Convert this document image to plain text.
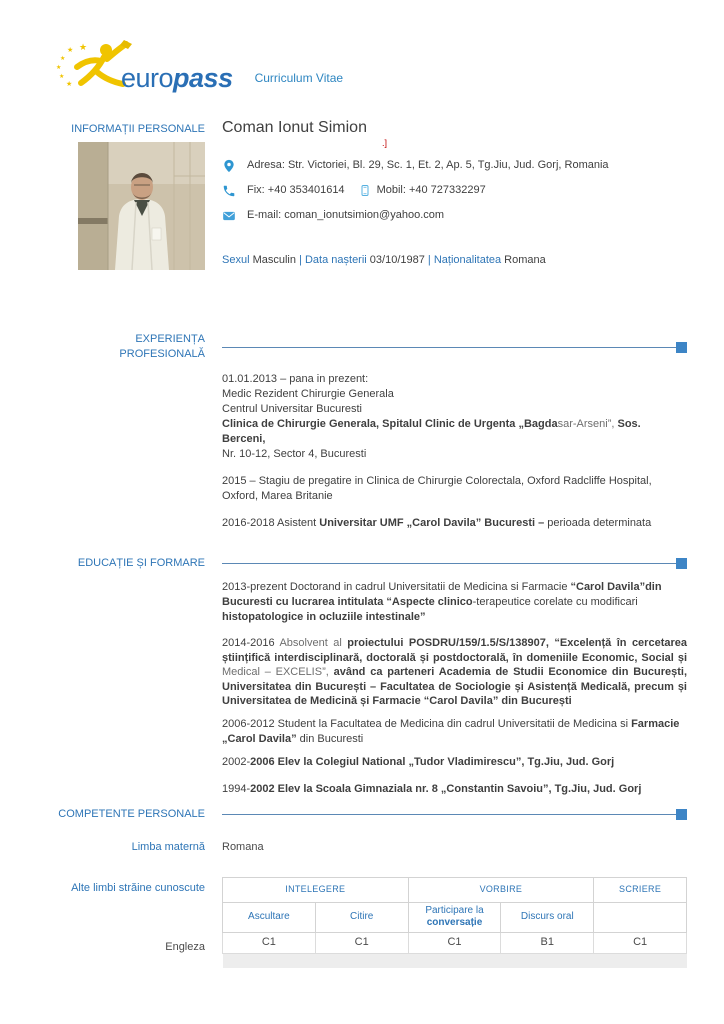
★
★
★
★
★
★ europass Curriculum Vitae
INFORMAȚII PERSONALE Coman Ionut Simion
.]
Adresa: Str. Victoriei, Bl. 29, Sc. 1, Et. 2, Ap. 5, Tg.Jiu, Jud. Gorj, Romania
Fix: +40 353401614	Mobil: +40 727332297
E-mail: coman_ionutsimion@yahoo.com
Sexul Masculin | Data nașterii 03/10/1987 | Naționalitatea Romana
EXPERIENȚA PROFESIONALĂ
01.01.2013 – pana in prezent:
Medic Rezident Chirurgie Generala
Centrul Universitar Bucuresti
Clinica de Chirurgie Generala, Spitalul Clinic de Urgenta „Bagdasar-Arseni”, Sos. Berceni,
Nr. 10-12, Sector 4, Bucuresti
2015 – Stagiu de pregatire in Clinica de Chirurgie Colorectala, Oxford Radcliffe Hospital,
Oxford, Marea Britanie
2016-2018 Asistent Universitar UMF „Carol Davila” Bucuresti – perioada determinata
EDUCAȚIE ȘI FORMARE
2013-prezent Doctorand in cadrul Universitatii de Medicina si Farmacie “Carol Davila”din Bucuresti cu lucrarea intitulata “Aspecte clinico-terapeutice corelate cu modificari histopatologice in ocluziile intestinale”
2014-2016 Absolvent al proiectului POSDRU/159/1.5/S/138907, “Excelență în cercetarea științifică interdisciplinară, doctorală și postdoctorală, în domeniile Economic, Social și Medical – EXCELIS”, având ca parteneri Academia de Studii Economice din București, Universitatea din București – Facultatea de Sociologie și Asistență Medicală, precum și Universitatea de Medicină și Farmacie “Carol Davila” din București
2006-2012 Student la Facultatea de Medicina din cadrul Universitatii de Medicina si Farmacie „Carol Davila” din Bucuresti
2002-2006 Elev la Colegiul National „Tudor Vladimirescu”, Tg.Jiu, Jud. Gorj
1994-2002 Elev la Scoala Gimnaziala nr. 8 „Constantin Savoiu”, Tg.Jiu, Jud. Gorj
COMPETENTE PERSONALE
Limba maternă Romana
Alte limbi străine cunoscute
Engleza
INTELEGERE		VORBIRE		SCRIERE
Ascultare	Citire	Participare la conversație	Discurs oral	
C1	C1	C1	B1	C1
